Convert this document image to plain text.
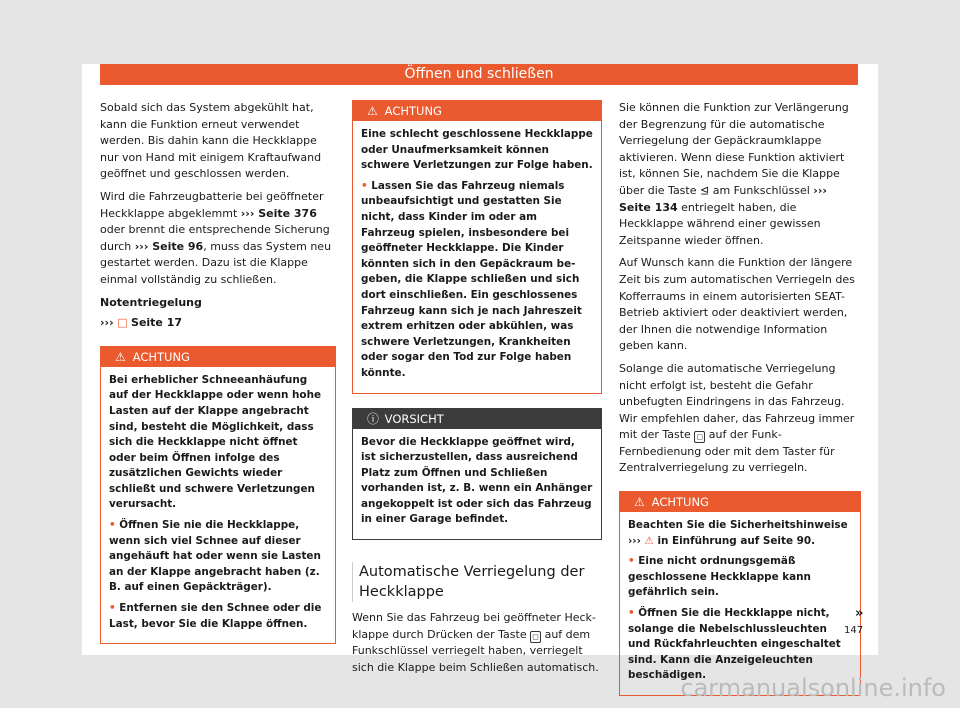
Öffnen und schließen

Sobald sich das System abgekühlt hat, kann die Funktion erneut verwendet werden. Bis dahin kann die Heckklappe nur von Hand mit einigem Kraftaufwand geöffnet und geschlossen werden.

Wird die Fahrzeugbatterie bei geöffneter Heckklappe abgeklemmt ››› Seite 376 oder brennt die entsprechende Sicherung durch ››› Seite 96, muss das System neu gestartet werden. Dazu ist die Klappe einmal vollständig zu schließen.

Notentriegelung

››› □ Seite 17

⚠ ACHTUNG

Bei erheblicher Schneeanhäufung auf der Heckklappe oder wenn hohe Lasten auf der Klappe angebracht sind, besteht die Möglichkeit, dass sich die Heckklappe nicht öffnet oder beim Öffnen infolge des zusätzlichen Gewichts wieder schließt und schwere Verletzungen verursacht.

• Öffnen Sie nie die Heckklappe, wenn sich viel Schnee auf dieser angehäuft hat oder wenn sie Lasten an der Klappe angebracht haben (z. B. auf einen Gepäckträger).

• Entfernen sie den Schnee oder die Last, bevor Sie die Klappe öffnen.

⚠ ACHTUNG

Eine schlecht geschlossene Heckklappe oder Unaufmerksamkeit können schwere Verletzungen zur Folge haben.

• Lassen Sie das Fahrzeug niemals unbeaufsichtigt und gestatten Sie nicht, dass Kinder im oder am Fahrzeug spielen, insbesondere bei geöffneter Heckklappe. Die Kinder könnten sich in den Gepäckraum begeben, die Klappe schließen und sich dort einschließen. Ein geschlossenes Fahrzeug kann sich je nach Jahreszeit extrem erhitzen oder abkühlen, was schwere Verletzungen, Krankheiten oder sogar den Tod zur Folge haben könnte.

ⓘ VORSICHT

Bevor die Heckklappe geöffnet wird, ist sicherzustellen, dass ausreichend Platz zum Öffnen und Schließen vorhanden ist, z. B. wenn ein Anhänger angekoppelt ist oder sich das Fahrzeug in einer Garage befindet.

Automatische Verriegelung der Heckklappe

Wenn Sie das Fahrzeug bei geöffneter Heckklappe durch Drücken der Taste ▢ auf dem Funkschlüssel verriegelt haben, verriegelt sich die Klappe beim Schließen automatisch.

Sie können die Funktion zur Verlängerung der Begrenzung für die automatische Verriegelung der Gepäckraumklappe aktivieren. Wenn diese Funktion aktiviert ist, können Sie, nachdem Sie die Klappe über die Taste ⊴ am Funkschlüssel ››› Seite 134 entriegelt haben, die Heckklappe während einer gewissen Zeitspanne wieder öffnen.

Auf Wunsch kann die Funktion der längere Zeit bis zum automatischen Verriegeln des Kofferraums in einem autorisierten SEAT-Betrieb aktiviert oder deaktiviert werden, der Ihnen die notwendige Information geben kann.

Solange die automatische Verriegelung nicht erfolgt ist, besteht die Gefahr unbefugten Eindringens in das Fahrzeug. Wir empfehlen daher, das Fahrzeug immer mit der Taste ▢ auf der Funk-Fernbedienung oder mit dem Taster für Zentralverriegelung zu verriegeln.

⚠ ACHTUNG

Beachten Sie die Sicherheitshinweise ››› ⚠ in Einführung auf Seite 90.

• Eine nicht ordnungsgemäß geschlossene Heckklappe kann gefährlich sein.

• Öffnen Sie die Heckklappe nicht, solange die Nebelschlussleuchten und Rückfahrleuchten eingeschaltet sind. Kann die Anzeigeleuchten beschädigen.

»
147
carmanualsonline.info
